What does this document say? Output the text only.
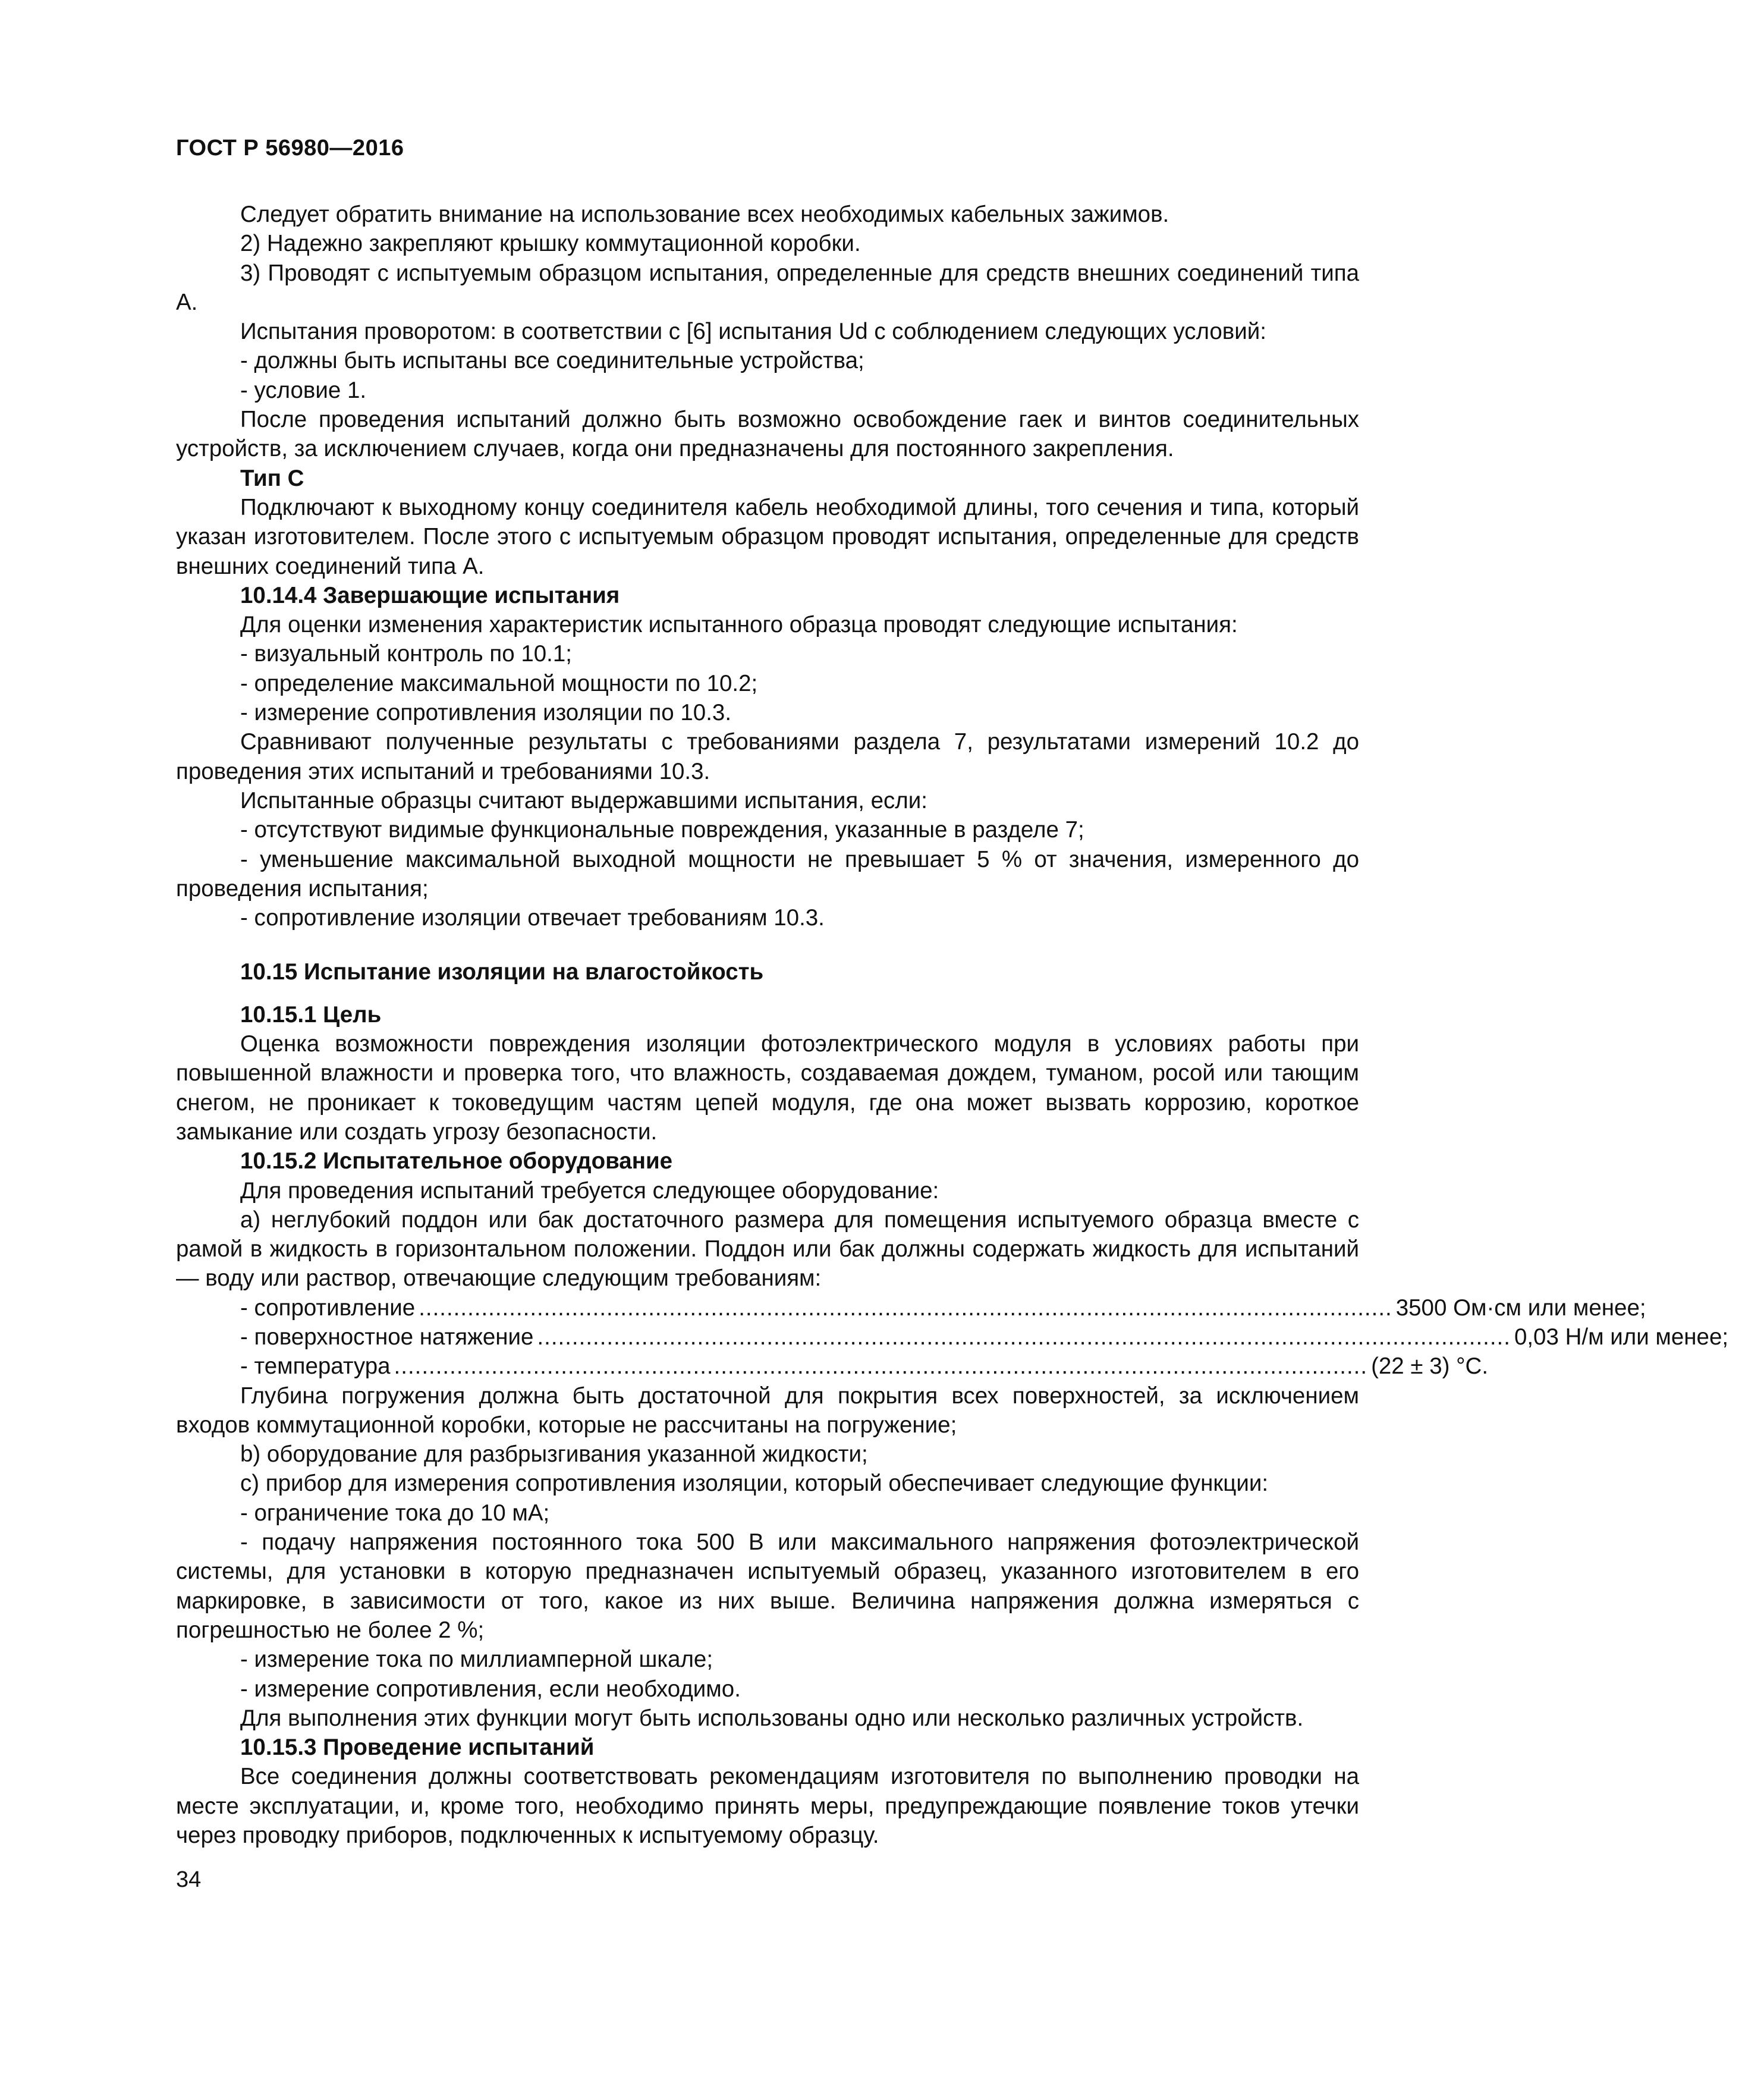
ГОСТ Р 56980—2016

Следует обратить внимание на использование всех необходимых кабельных зажимов.

2) Надежно закрепляют крышку коммутационной коробки.

3) Проводят с испытуемым образцом испытания, определенные для средств внешних соединений типа А.

Испытания проворотом: в соответствии с [6] испытания Ud с соблюдением следующих условий:

- должны быть испытаны все соединительные устройства;

- условие 1.

После проведения испытаний должно быть возможно освобождение гаек и винтов соединительных устройств, за исключением случаев, когда они предназначены для постоянного закрепления.

Тип С

Подключают к выходному концу соединителя кабель необходимой длины, того сечения и типа, который указан изготовителем. После этого с испытуемым образцом проводят испытания, определенные для средств внешних соединений типа А.

10.14.4 Завершающие испытания

Для оценки изменения характеристик испытанного образца проводят следующие испытания:

- визуальный контроль по 10.1;

- определение максимальной мощности по 10.2;

- измерение сопротивления изоляции по 10.3.

Сравнивают полученные результаты с требованиями раздела 7, результатами измерений 10.2 до проведения этих испытаний и требованиями 10.3.

Испытанные образцы считают выдержавшими испытания, если:

- отсутствуют видимые функциональные повреждения, указанные в разделе 7;

- уменьшение максимальной выходной мощности не превышает 5 % от значения, измеренного до проведения испытания;

- сопротивление изоляции отвечает требованиям 10.3.

10.15 Испытание изоляции на влагостойкость

10.15.1 Цель

Оценка возможности повреждения изоляции фотоэлектрического модуля в условиях работы при повышенной влажности и проверка того, что влажность, создаваемая дождем, туманом, росой или тающим снегом, не проникает к токоведущим частям цепей модуля, где она может вызвать коррозию, короткое замыкание или создать угрозу безопасности.

10.15.2 Испытательное оборудование

Для проведения испытаний требуется следующее оборудование:

а) неглубокий поддон или бак достаточного размера для помещения испытуемого образца вместе с рамой в жидкость в горизонтальном положении. Поддон или бак должны содержать жидкость для испытаний — воду или раствор, отвечающие следующим требованиям:

- сопротивление ............................................................................................................................................ 3500 Ом·см или менее;
- поверхностное натяжение ............................................................................................................................................ 0,03 Н/м или менее;
- температура ............................................................................................................................................ (22 ± 3) °С.

Глубина погружения должна быть достаточной для покрытия всех поверхностей, за исключением входов коммутационной коробки, которые не рассчитаны на погружение;

b) оборудование для разбрызгивания указанной жидкости;

с) прибор для измерения сопротивления изоляции, который обеспечивает следующие функции:

- ограничение тока до 10 мА;

- подачу напряжения постоянного тока 500 В или максимального напряжения фотоэлектрической системы, для установки в которую предназначен испытуемый образец, указанного изготовителем в его маркировке, в зависимости от того, какое из них выше. Величина напряжения должна измеряться с погрешностью не более 2 %;

- измерение тока по миллиамперной шкале;

- измерение сопротивления, если необходимо.

Для выполнения этих функции могут быть использованы одно или несколько различных устройств.

10.15.3 Проведение испытаний

Все соединения должны соответствовать рекомендациям изготовителя по выполнению проводки на месте эксплуатации, и, кроме того, необходимо принять меры, предупреждающие появление токов утечки через проводку приборов, подключенных к испытуемому образцу.

34
